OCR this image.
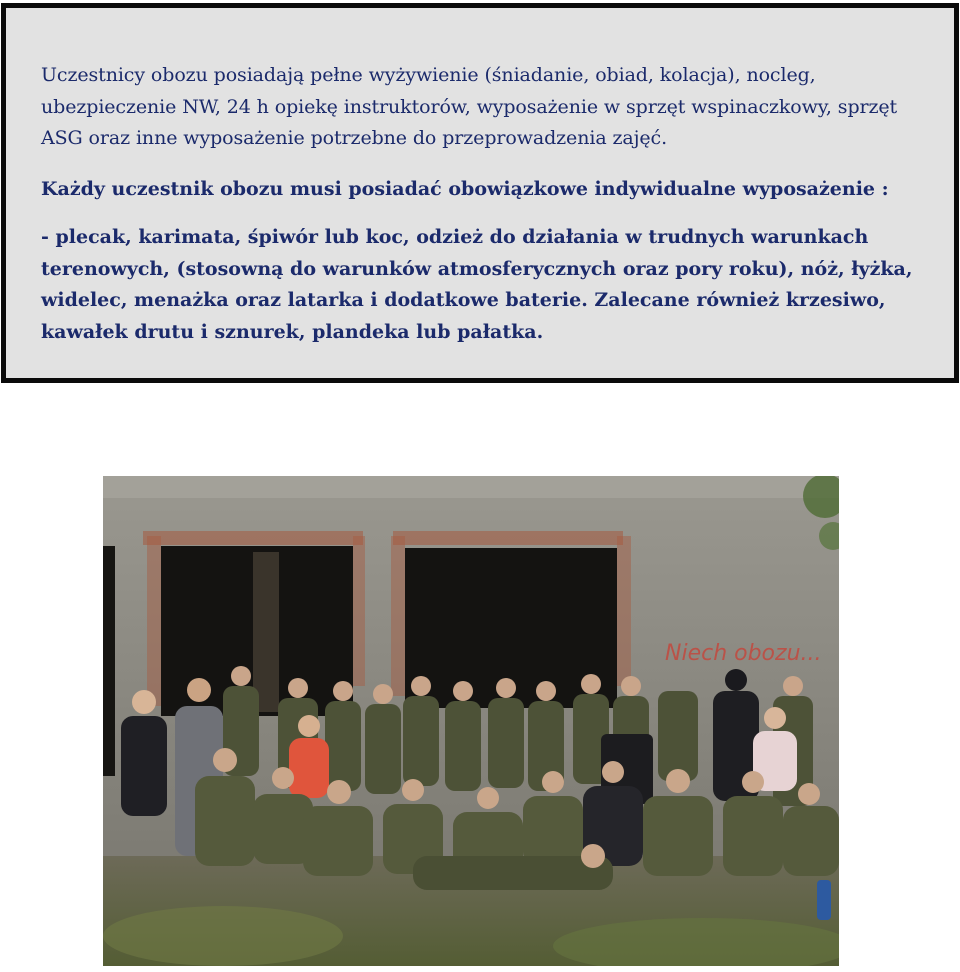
Uczestnicy obozu posiadają pełne wyżywienie (śniadanie, obiad, kolacja), nocleg, ubezpieczenie NW, 24 h opiekę instruktorów, wyposażenie w sprzęt wspinaczkowy, sprzęt ASG oraz inne wyposażenie potrzebne do przeprowadzenia zajęć.

Każdy uczestnik obozu musi posiadać obowiązkowe indywidualne wyposażenie :

- plecak, karimata, śpiwór lub koc, odzież do działania w trudnych warunkach terenowych, (stosowną do warunków atmosferycznych oraz pory roku), nóż, łyżka, widelec, menażka oraz latarka i dodatkowe baterie. Zalecane również krzesiwo, kawałek drutu i sznurek, plandeka lub pałatka.

Niech obozu...
